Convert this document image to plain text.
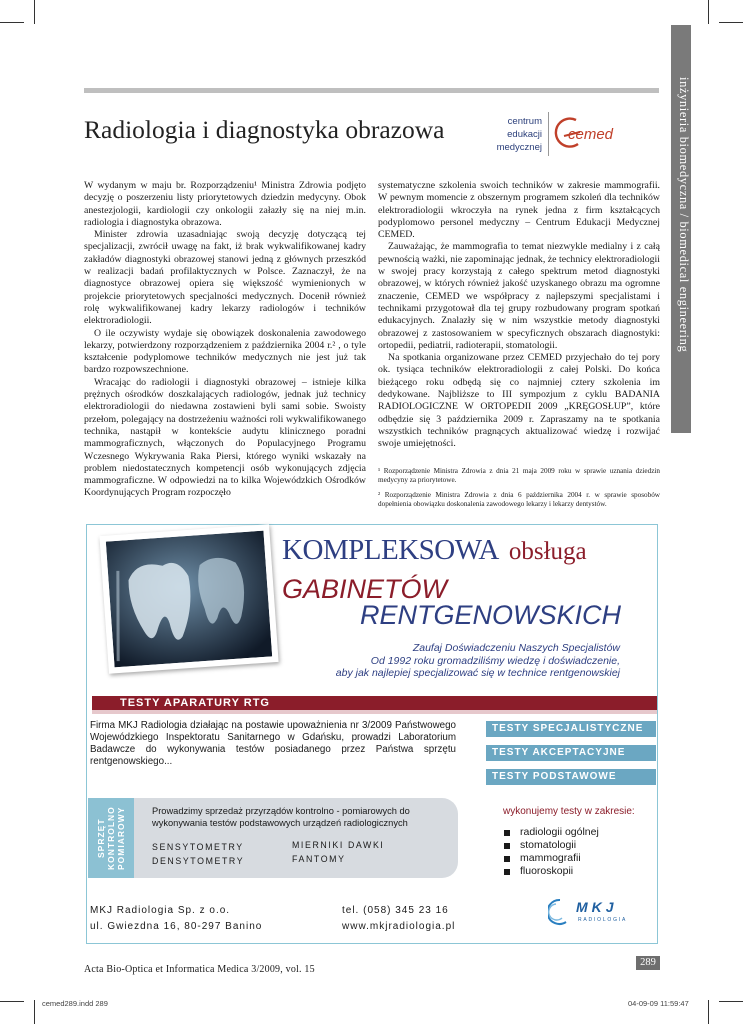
inżynieria biomedyczna / biomedical engineering
Radiologia i diagnostyka obrazowa	centrum
edukacji
medycznej
cemed

W wydanym w maju br. Rozporządzeniu¹ Ministra Zdrowia podjęto decyzję o poszerzeniu listy priorytetowych dziedzin medycyny. Obok anestezjologii, kardiologii czy onkologii załazły się na niej m.in. radiologia i diagnostyka obrazowa.

Minister zdrowia uzasadniając swoją decyzję dotyczącą tej specjalizacji, zwrócił uwagę na fakt, iż brak wykwalifikowanej kadry zakładów diagnostyki obrazowej stanowi jedną z głównych przeszkód w realizacji badań profilaktycznych w Polsce. Zaznaczył, że na diagnostyce obrazowej opiera się większość wymienionych w projekcie priorytetowych specjalności medycznych. Docenił również rolę wykwalifikowanej kadry lekarzy radiologów i techników elektroradiologii.

O ile oczywisty wydaje się obowiązek doskonalenia zawodowego lekarzy, potwierdzony rozporządzeniem z października 2004 r.² , o tyle kształcenie podyplomowe techników medycznych nie jest już tak bardzo rozpowszechnione.

Wracając do radiologii i diagnostyki obrazowej – istnieje kilka prężnych ośrodków doszkalających radiologów, jednak już technicy elektroradiologii do niedawna zostawieni byli sami sobie. Swoisty przełom, polegający na dostrzeżeniu ważności roli wykwalifikowanego technika, nastąpił w kontekście audytu klinicznego poradni mammograficznych, włączonych do Populacyjnego Programu Wczesnego Wykrywania Raka Piersi, którego wyniki wskazały na problem niedostatecznych kompetencji osób wykonujących zdjęcia mammograficzne. W odpowiedzi na to kilka Wojewódzkich Ośrodków Koordynujących Program rozpoczęło

systematyczne szkolenia swoich techników w zakresie mammografii. W pewnym momencie z obszernym programem szkoleń dla techników elektroradiologii wkroczyła na rynek jedna z firm kształcących podyplomowo personel medyczny – Centrum Edukacji Medycznej CEMED.

Zauważając, że mammografia to temat niezwykle medialny i z całą pewnością ważki, nie zapominając jednak, że technicy elektroradiologii w swojej pracy korzystają z całego spektrum metod diagnostyki obrazowej, w których również jakość uzyskanego obrazu ma ogromne znaczenie, CEMED we współpracy z najlepszymi specjalistami i technikami przygotował dla tej grupy rozbudowany program spotkań edukacyjnych. Znalazły się w nim wszystkie metody diagnostyki obrazowej z zastosowaniem w specyficznych obszarach diagnostyki: ortopedii, pediatrii, radioterapii, stomatologii.

Na spotkania organizowane przez CEMED przyjechało do tej pory ok. tysiąca techników elektroradiologii z całej Polski. Do końca bieżącego roku odbędą się co najmniej cztery szkolenia im dedykowane. Najbliższe to III sympozjum z cyklu BADANIA RADIOLOGICZNE W ORTOPEDII 2009 „KRĘGOSŁUP”, które odbędzie się 3 października 2009 r. Zapraszamy na te spotkania wszystkich techników pragnących aktualizować wiedzę i rozwijać swoje umiejętności.

¹ Rozporządzenie Ministra Zdrowia z dnia 21 maja 2009 roku w sprawie uznania dziedzin medycyny za priorytetowe.

² Rozporządzenie Ministra Zdrowia z dnia 6 października 2004 r. w sprawie sposobów dopełnienia obowiązku doskonalenia zawodowego lekarzy i lekarzy dentystów.

KOMPLEKSOWA obsługa
GABINETÓW
RENTGENOWSKICH
Zaufaj Doświadczeniu Naszych Specjalistów
Od 1992 roku gromadziliśmy wiedzę i doświadczenie,
aby jak najlepiej specjalizować się w technice rentgenowskiej
TESTY APARATURY RTG
Firma MKJ Radiologia działając na postawie upoważnienia nr 3/2009 Państwowego Wojewódzkiego Inspektoratu Sanitarnego w Gdańsku, prowadzi Laboratorium Badawcze do wykonywania testów posiadanego przez Państwa sprzętu rentgenowskiego...
TESTY SPECJALISTYCZNE
TESTY AKCEPTACYJNE
TESTY PODSTAWOWE
SPRZĘT KONTROLNO POMIAROWY	Prowadzimy sprzedaż przyrządów kontrolno - pomiarowych do wykonywania testów podstawowych urządzeń radiologicznych
SENSYTOMETRY
DENSYTOMETRY
MIERNIKI DAWKI
FANTOMY
wykonujemy testy w zakresie:
radiologii ogólnej
stomatologii
mammografii
fluoroskopii
MKJ Radiologia Sp. z o.o.
ul. Gwiezdna 16, 80-297 Banino
tel. (058) 345 23 16
www.mkjradiologia.pl
MKJ
RADIOLOGIA
Acta Bio-Optica et Informatica Medica 3/2009, vol. 15
289
cemed289.indd 289	04-09-09 11:59:47
